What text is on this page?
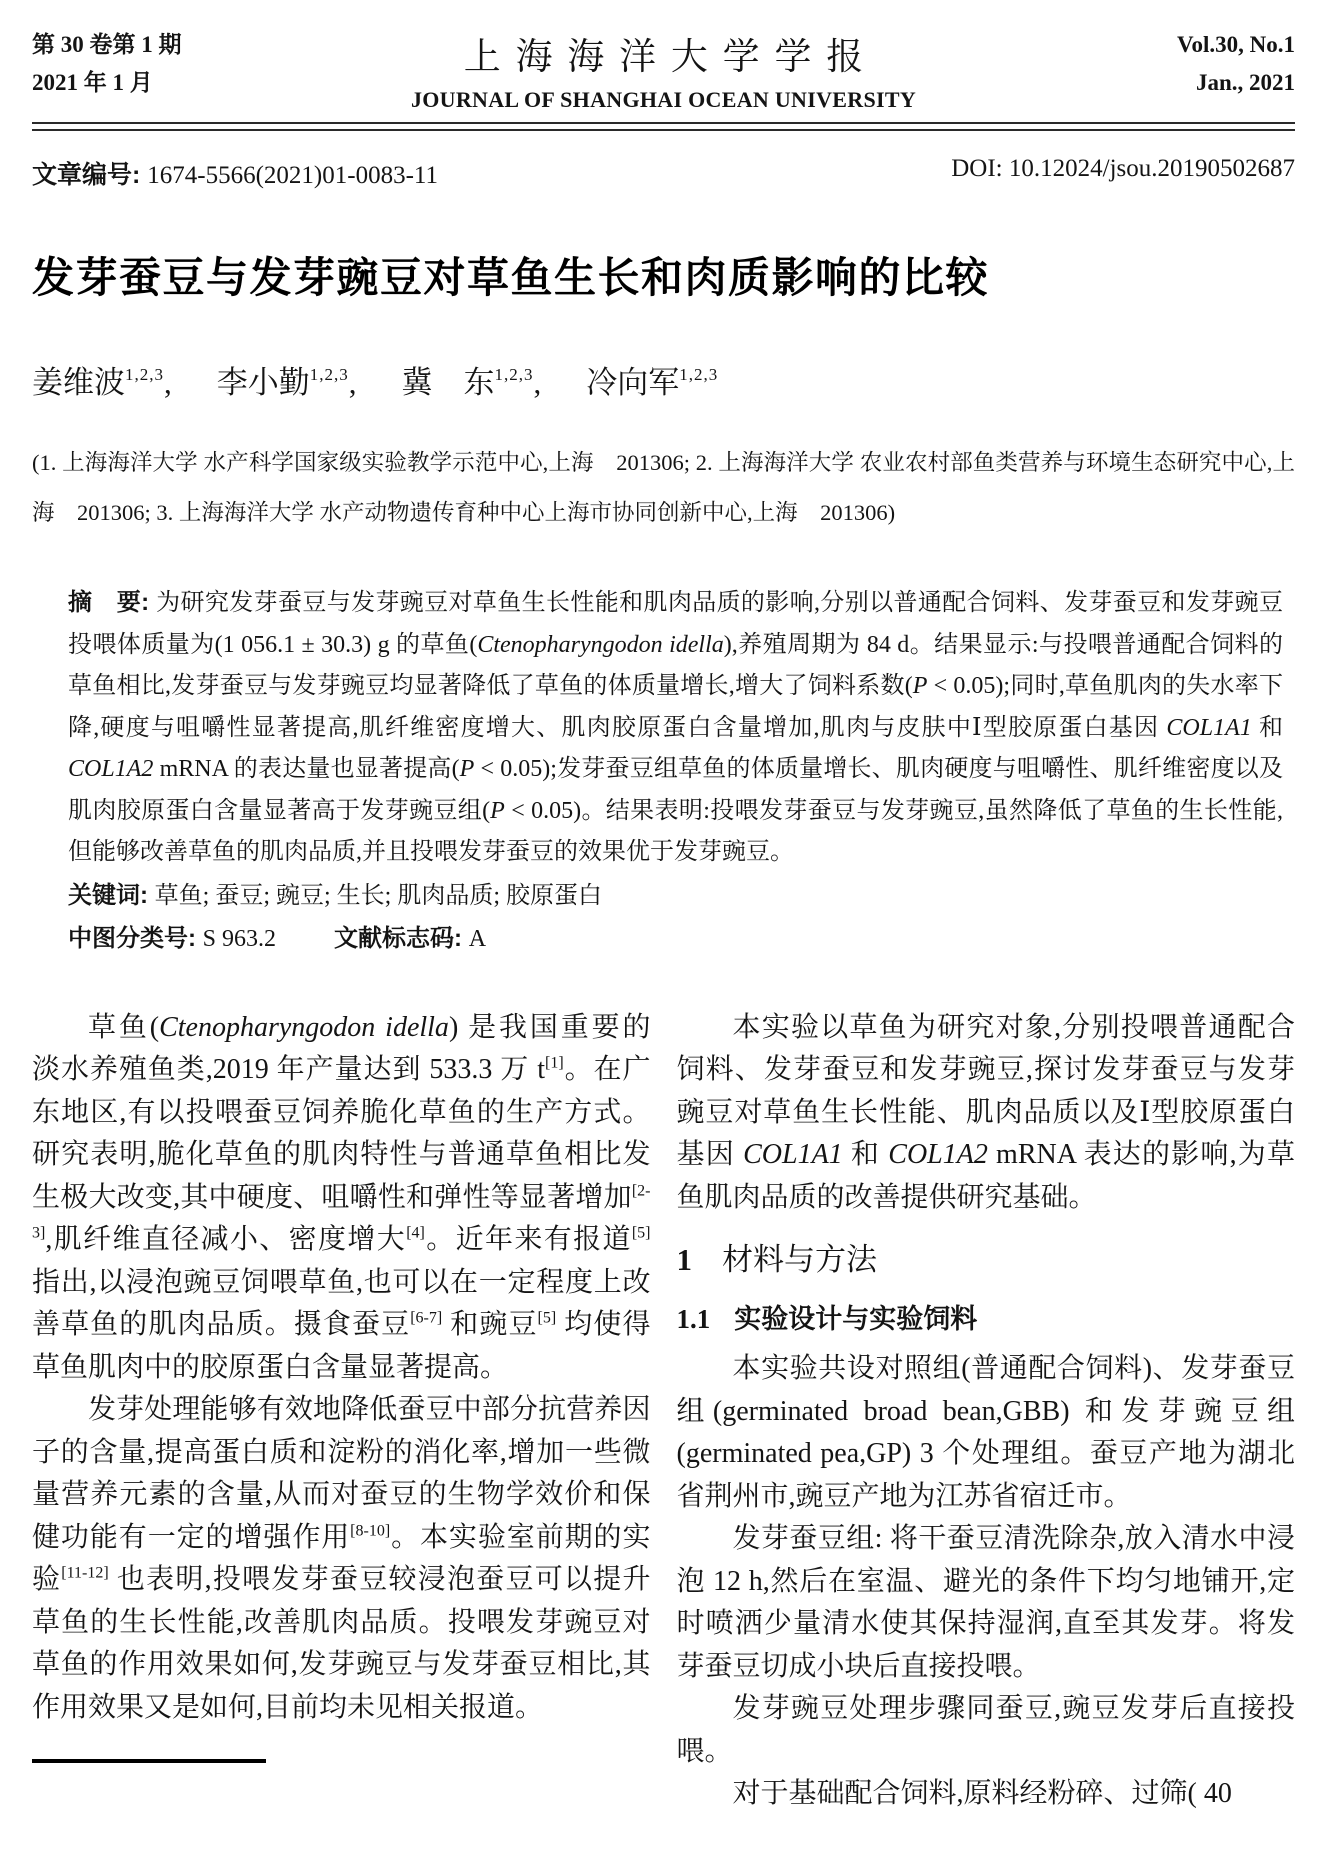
第 30 卷第 1 期
2021 年 1 月
上海海洋大学学报
JOURNAL OF SHANGHAI OCEAN UNIVERSITY
Vol.30, No.1
Jan., 2021
文章编号: 1674-5566(2021)01-0083-11	DOI: 10.12024/jsou.20190502687
发芽蚕豆与发芽豌豆对草鱼生长和肉质影响的比较
姜维波$^{1,2,3}$,　李小勤$^{1,2,3}$,　冀　东$^{1,2,3}$,　冷向军$^{1,2,3}$

(1. 上海海洋大学 水产科学国家级实验教学示范中心,上海　201306; 2. 上海海洋大学 农业农村部鱼类营养与环境生态研究中心,上海　201306; 3. 上海海洋大学 水产动物遗传育种中心上海市协同创新中心,上海　201306)

摘　要: 为研究发芽蚕豆与发芽豌豆对草鱼生长性能和肌肉品质的影响,分别以普通配合饲料、发芽蚕豆和发芽豌豆投喂体质量为(1 056.1 ± 30.3) g 的草鱼(Ctenopharyngodon idella),养殖周期为 84 d。结果显示:与投喂普通配合饲料的草鱼相比,发芽蚕豆与发芽豌豆均显著降低了草鱼的体质量增长,增大了饲料系数(P < 0.05);同时,草鱼肌肉的失水率下降,硬度与咀嚼性显著提高,肌纤维密度增大、肌肉胶原蛋白含量增加,肌肉与皮肤中Ⅰ型胶原蛋白基因 COL1A1 和 COL1A2 mRNA 的表达量也显著提高(P < 0.05);发芽蚕豆组草鱼的体质量增长、肌肉硬度与咀嚼性、肌纤维密度以及肌肉胶原蛋白含量显著高于发芽豌豆组(P < 0.05)。结果表明:投喂发芽蚕豆与发芽豌豆,虽然降低了草鱼的生长性能,但能够改善草鱼的肌肉品质,并且投喂发芽蚕豆的效果优于发芽豌豆。

关键词: 草鱼; 蚕豆; 豌豆; 生长; 肌肉品质; 胶原蛋白

中图分类号: S 963.2 文献标志码: A

草鱼(Ctenopharyngodon idella) 是我国重要的淡水养殖鱼类,2019 年产量达到 533.3 万 t[1]。在广东地区,有以投喂蚕豆饲养脆化草鱼的生产方式。研究表明,脆化草鱼的肌肉特性与普通草鱼相比发生极大改变,其中硬度、咀嚼性和弹性等显著增加[2-3],肌纤维直径减小、密度增大[4]。近年来有报道[5] 指出,以浸泡豌豆饲喂草鱼,也可以在一定程度上改善草鱼的肌肉品质。摄食蚕豆[6-7] 和豌豆[5] 均使得草鱼肌肉中的胶原蛋白含量显著提高。

发芽处理能够有效地降低蚕豆中部分抗营养因子的含量,提高蛋白质和淀粉的消化率,增加一些微量营养元素的含量,从而对蚕豆的生物学效价和保健功能有一定的增强作用[8-10]。本实验室前期的实验[11-12] 也表明,投喂发芽蚕豆较浸泡蚕豆可以提升草鱼的生长性能,改善肌肉品质。投喂发芽豌豆对草鱼的作用效果如何,发芽豌豆与发芽蚕豆相比,其作用效果又是如何,目前均未见相关报道。

本实验以草鱼为研究对象,分别投喂普通配合饲料、发芽蚕豆和发芽豌豆,探讨发芽蚕豆与发芽豌豆对草鱼生长性能、肌肉品质以及Ⅰ型胶原蛋白基因 COL1A1 和 COL1A2 mRNA 表达的影响,为草鱼肌肉品质的改善提供研究基础。

1 材料与方法
1.1 实验设计与实验饲料

本实验共设对照组(普通配合饲料)、发芽蚕豆组(germinated broad bean,GBB) 和发芽豌豆组(germinated pea,GP) 3 个处理组。蚕豆产地为湖北省荆州市,豌豆产地为江苏省宿迁市。

发芽蚕豆组: 将干蚕豆清洗除杂,放入清水中浸泡 12 h,然后在室温、避光的条件下均匀地铺开,定时喷洒少量清水使其保持湿润,直至其发芽。将发芽蚕豆切成小块后直接投喂。

发芽豌豆处理步骤同蚕豆,豌豆发芽后直接投喂。

对于基础配合饲料,原料经粉碎、过筛( 40
